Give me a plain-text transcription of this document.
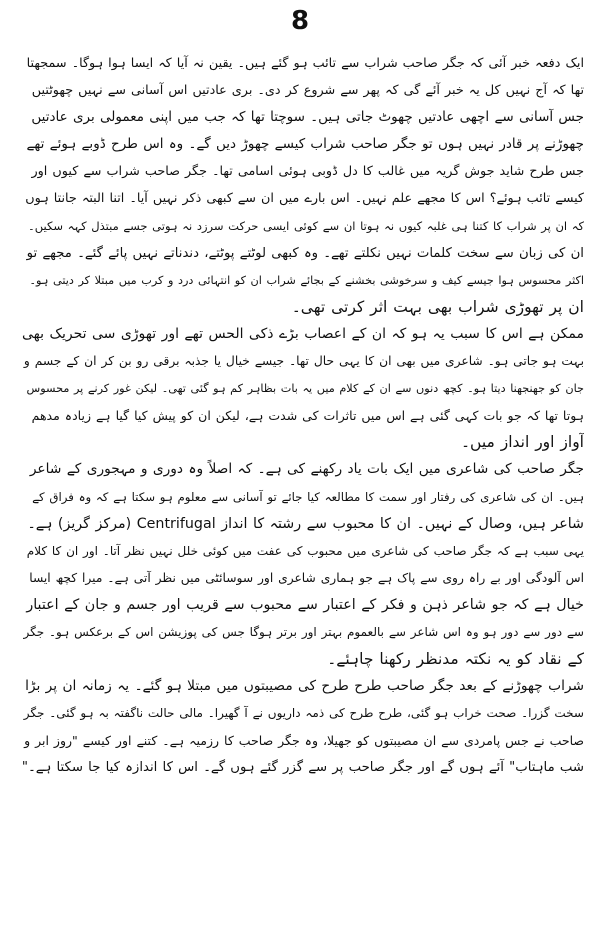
8
ایک دفعہ خبر آئی کہ جگر صاحب شراب سے تائب ہو گئے ہیں۔ یقین نہ آیا کہ ایسا ہوا ہوگا۔ سمجھتا
تھا کہ آج نہیں کل یہ خبر آئے گی کہ پھر سے شروع کر دی۔ بری عادتیں اس آسانی سے نہیں چھوٹتیں
جس آسانی سے اچھی عادتیں چھوٹ جاتی ہیں۔ سوچتا تھا کہ جب میں اپنی معمولی بری عادتیں
چھوڑنے پر قادر نہیں ہوں تو جگر صاحب شراب کیسے چھوڑ دیں گے۔ وہ اس طرح ڈوبے ہوئے تھے
جس طرح شاید جوش گریہ میں غالب کا دل ڈوبی ہوئی اسامی تھا۔ جگر صاحب شراب سے کیوں اور
کیسے تائب ہوئے؟ اس کا مجھے علم نہیں۔ اس بارے میں ان سے کبھی ذکر نہیں آیا۔ اتنا البتہ جانتا ہوں
کہ ان پر شراب کا کتنا ہی غلبہ کیوں نہ ہوتا ان سے کوئی ایسی حرکت سرزد نہ ہوتی جسے مبتذل کہہ سکیں۔
ان کی زبان سے سخت کلمات نہیں نکلتے تھے۔ وہ کبھی لوٹتے پوٹتے، دندناتے نہیں پائے گئے۔ مجھے تو
اکثر محسوس ہوا جیسے کیف و سرخوشی بخشنے کے بجائے شراب ان کو انتہائی درد و کرب میں مبتلا کر دیتی ہو۔
ان پر تھوڑی شراب بھی بہت اثر کرتی تھی۔
ممکن ہے اس کا سبب یہ ہو کہ ان کے اعصاب بڑے ذکی الحس تھے اور تھوڑی سی تحریک بھی
بہت ہو جاتی ہو۔ شاعری میں بھی ان کا یہی حال تھا۔ جیسے خیال یا جذبہ برقی رو بن کر ان کے جسم و
جان کو جھنجھنا دیتا ہو۔ کچھ دنوں سے ان کے کلام میں یہ بات بظاہر کم ہو گئی تھی۔ لیکن غور کرنے پر محسوس
ہوتا تھا کہ جو بات کہی گئی ہے اس میں تاثرات کی شدت ہے، لیکن ان کو پیش کیا گیا ہے زیادہ مدھم
آواز اور انداز میں۔
جگر صاحب کی شاعری میں ایک بات یاد رکھنے کی ہے۔ کہ اصلاً وہ دوری و مہجوری کے شاعر
ہیں۔ ان کی شاعری کی رفتار اور سمت کا مطالعہ کیا جائے تو آسانی سے معلوم ہو سکتا ہے کہ وہ فراق کے
شاعر ہیں، وصال کے نہیں۔ ان کا محبوب سے رشتہ کا انداز Centrifugal (مرکز گریز) ہے۔
یہی سبب ہے کہ جگر صاحب کی شاعری میں محبوب کی عفت میں کوئی خلل نہیں نظر آتا۔ اور ان کا کلام
اس آلودگی اور بے راہ روی سے پاک ہے جو ہماری شاعری اور سوسائٹی میں نظر آتی ہے۔ میرا کچھ ایسا
خیال ہے کہ جو شاعر ذہن و فکر کے اعتبار سے محبوب سے قریب اور جسم و جان کے اعتبار
سے دور سے دور ہو وہ اس شاعر سے بالعموم بہتر اور برتر ہوگا جس کی پوزیشن اس کے برعکس ہو۔ جگر
کے نقاد کو یہ نکتہ مدنظر رکھنا چاہئے۔
شراب چھوڑنے کے بعد جگر صاحب طرح طرح کی مصیبتوں میں مبتلا ہو گئے۔ یہ زمانہ ان پر بڑا
سخت گزرا۔ صحت خراب ہو گئی، طرح طرح کی ذمہ داریوں نے آ گھیرا۔ مالی حالت ناگفتہ بہ ہو گئی۔ جگر
صاحب نے جس پامردی سے ان مصیبتوں کو جھیلا، وہ جگر صاحب کا رزمیہ ہے۔ کتنے اور کیسے "روز ابر و
شب ماہتاب" آئے ہوں گے اور جگر صاحب پر سے گزر گئے ہوں گے۔ اس کا اندازہ کیا جا سکتا ہے۔"
